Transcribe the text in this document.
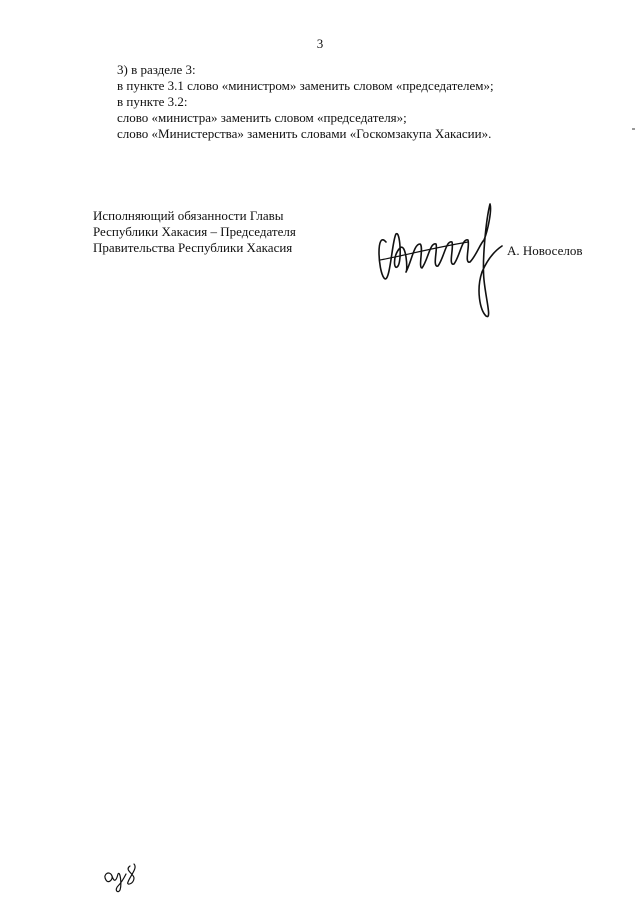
3
3) в разделе 3:
в пункте 3.1 слово «министром» заменить словом «председателем»;
в пункте 3.2:
слово «министра» заменить словом «председателя»;
слово «Министерства» заменить словами «Госкомзакупа Хакасии».
Исполняющий обязанности Главы
Республики Хакасия – Председателя
Правительства Республики Хакасия	А. Новоселов
